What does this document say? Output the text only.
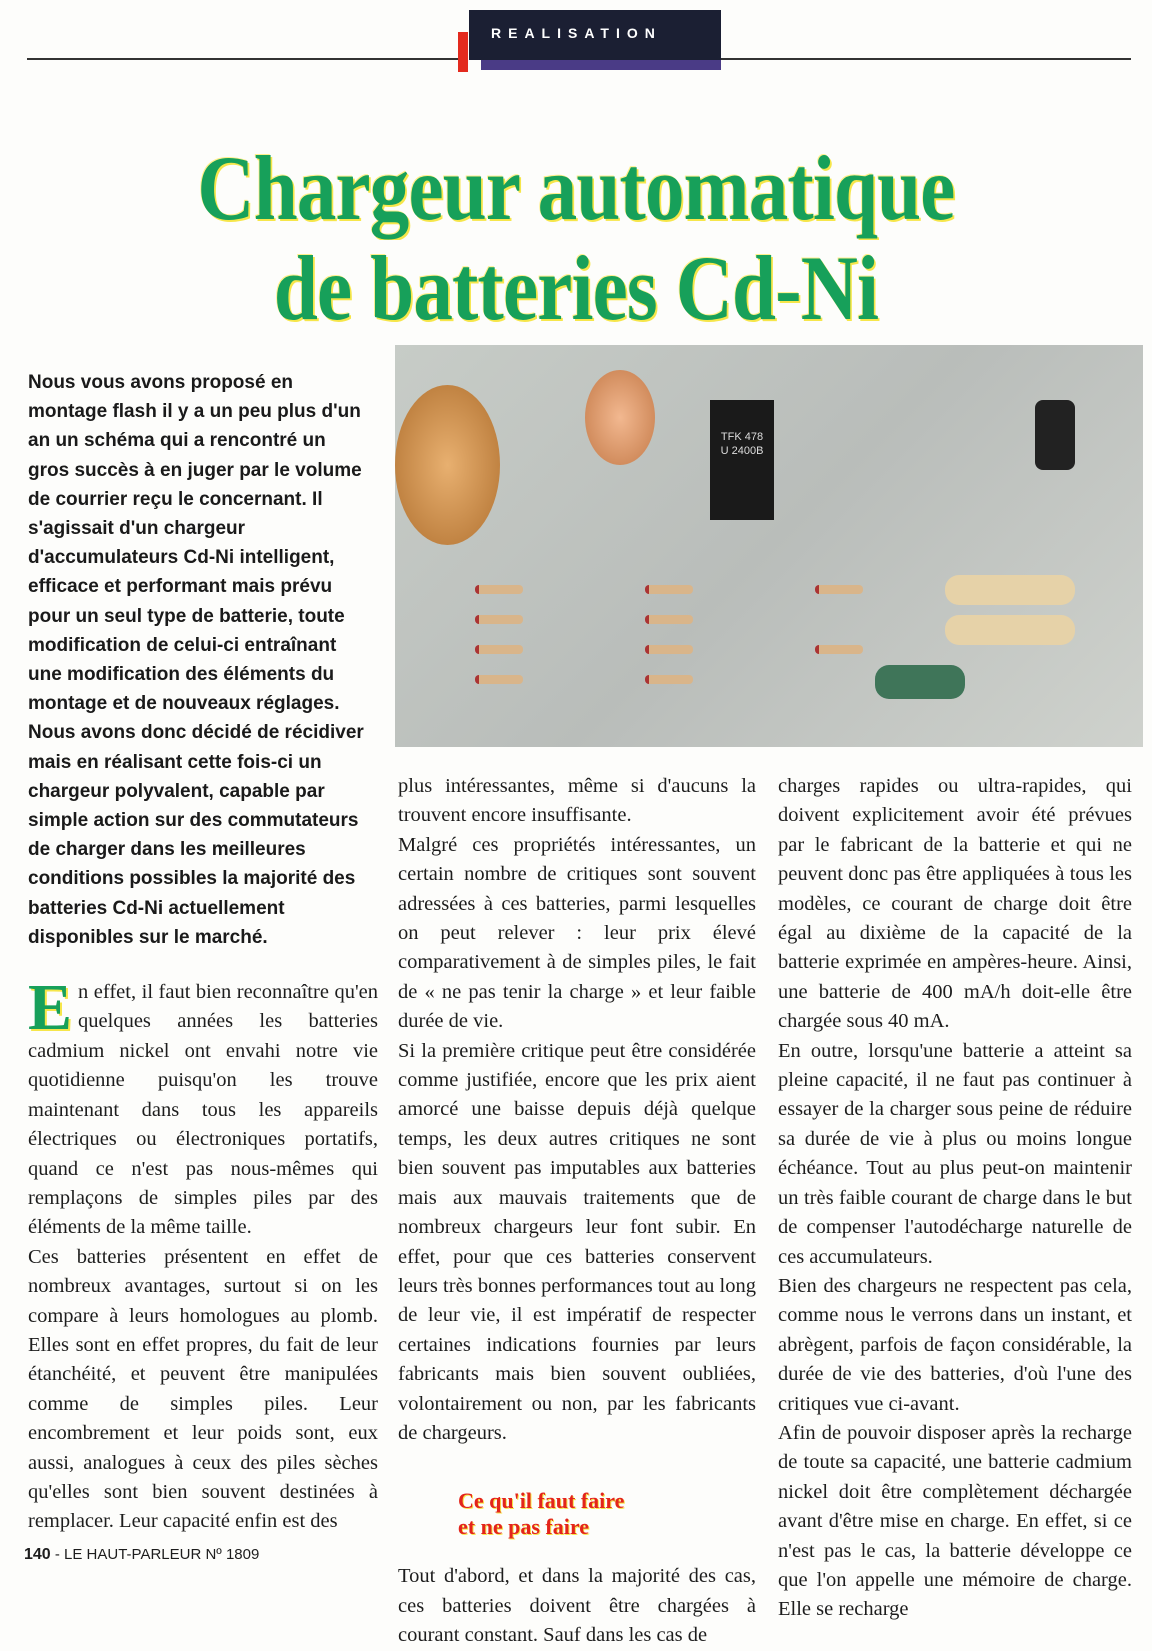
REALISATION
Chargeur automatique
de batteries Cd-Ni
TFK 478
U 2400B

Nous vous avons proposé en montage flash il y a un peu plus d'un an un schéma qui a rencontré un gros succès à en juger par le volume de courrier reçu le concernant. Il s'agissait d'un chargeur d'accumulateurs Cd-Ni intelligent, efficace et performant mais prévu pour un seul type de batterie, toute modification de celui-ci entraînant une modification des éléments du montage et de nouveaux réglages.

Nous avons donc décidé de récidiver mais en réalisant cette fois-ci un chargeur polyvalent, capable par simple action sur des commutateurs de charger dans les meilleures conditions possibles la majorité des batteries Cd-Ni actuellement disponibles sur le marché.

En effet, il faut bien reconnaître qu'en quelques années les batteries cadmium nickel ont envahi notre vie quotidienne puisqu'on les trouve maintenant dans tous les appareils électriques ou électroniques portatifs, quand ce n'est pas nous-mêmes qui remplaçons de simples piles par des éléments de la même taille.

Ces batteries présentent en effet de nombreux avantages, surtout si on les compare à leurs homologues au plomb. Elles sont en effet propres, du fait de leur étanchéité, et peuvent être manipulées comme de simples piles. Leur encombrement et leur poids sont, eux aussi, analogues à ceux des piles sèches qu'elles sont bien souvent destinées à remplacer. Leur capacité enfin est des

140 - LE HAUT-PARLEUR Nº 1809

plus intéressantes, même si d'aucuns la trouvent encore insuffisante.

Malgré ces propriétés intéressantes, un certain nombre de critiques sont souvent adressées à ces batteries, parmi lesquelles on peut relever : leur prix élevé comparativement à de simples piles, le fait de « ne pas tenir la charge » et leur faible durée de vie.

Si la première critique peut être considérée comme justifiée, encore que les prix aient amorcé une baisse depuis déjà quelque temps, les deux autres critiques ne sont bien souvent pas imputables aux batteries mais aux mauvais traitements que de nombreux chargeurs leur font subir. En effet, pour que ces batteries conservent leurs très bonnes performances tout au long de leur vie, il est impératif de respecter certaines indications fournies par leurs fabricants mais bien souvent oubliées, volontairement ou non, par les fabricants de chargeurs.

Ce qu'il faut faire
et ne pas faire

Tout d'abord, et dans la majorité des cas, ces batteries doivent être chargées à courant constant. Sauf dans les cas de

charges rapides ou ultra-rapides, qui doivent explicitement avoir été prévues par le fabricant de la batterie et qui ne peuvent donc pas être appliquées à tous les modèles, ce courant de charge doit être égal au dixième de la capacité de la batterie exprimée en ampères-heure. Ainsi, une batterie de 400 mA/h doit-elle être chargée sous 40 mA.

En outre, lorsqu'une batterie a atteint sa pleine capacité, il ne faut pas continuer à essayer de la charger sous peine de réduire sa durée de vie à plus ou moins longue échéance. Tout au plus peut-on maintenir un très faible courant de charge dans le but de compenser l'autodécharge naturelle de ces accumulateurs.

Bien des chargeurs ne respectent pas cela, comme nous le verrons dans un instant, et abrègent, parfois de façon considérable, la durée de vie des batteries, d'où l'une des critiques vue ci-avant.

Afin de pouvoir disposer après la recharge de toute sa capacité, une batterie cadmium nickel doit être complètement déchargée avant d'être mise en charge. En effet, si ce n'est pas le cas, la batterie développe ce que l'on appelle une mémoire de charge. Elle se recharge
